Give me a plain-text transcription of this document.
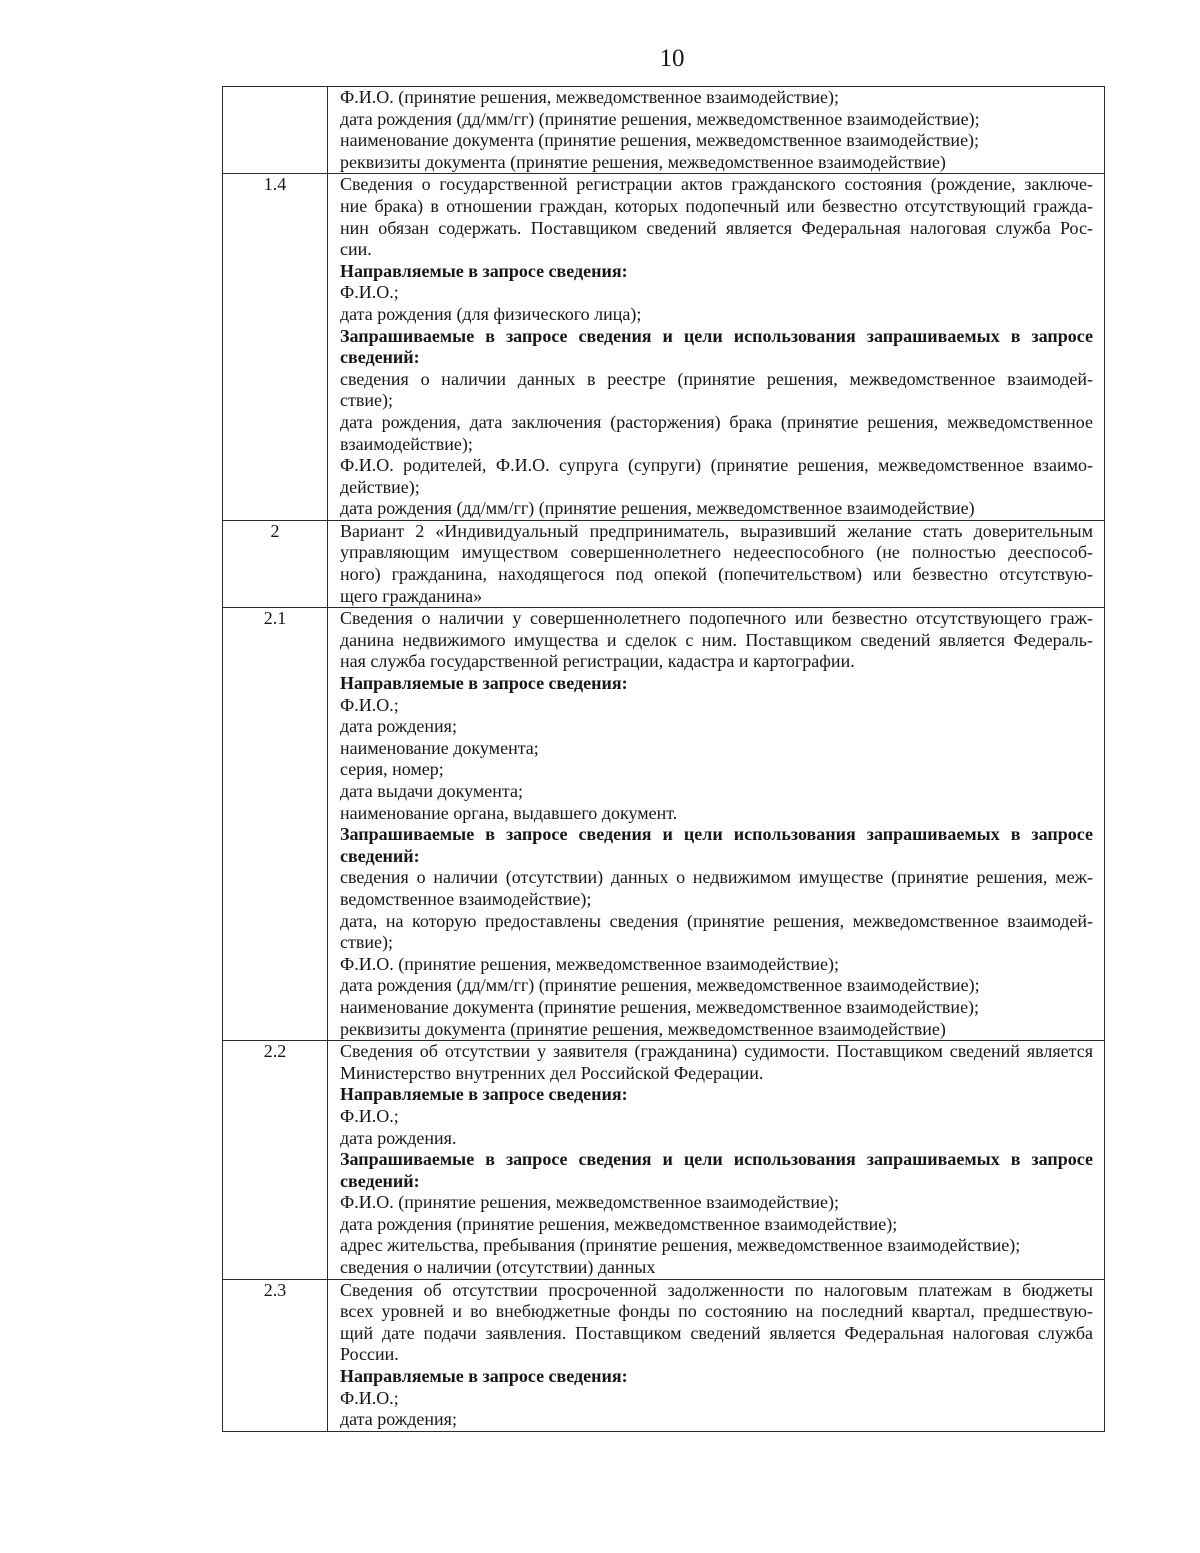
10
Ф.И.О. (принятие решения, межведомственное взаимодействие);
дата рождения (дд/мм/гг) (принятие решения, межведомственное взаимодействие);
наименование документа (принятие решения, межведомственное взаимодействие);
реквизиты документа (принятие решения, межведомственное взаимодействие)
1.4	Сведения о государственной регистрации актов гражданского состояния (рождение, заключе-
ние брака) в отношении граждан, которых подопечный или безвестно отсутствующий гражда-
нин обязан содержать. Поставщиком сведений является Федеральная налоговая служба Рос-
сии.
Направляемые в запросе сведения:
Ф.И.О.;
дата рождения (для физического лица);
Запрашиваемые в запросе сведения и цели использования запрашиваемых в запросе
сведений:
сведения о наличии данных в реестре (принятие решения, межведомственное взаимодей-
ствие);
дата рождения, дата заключения (расторжения) брака (принятие решения, межведомственное
взаимодействие);
Ф.И.О. родителей, Ф.И.О. супруга (супруги) (принятие решения, межведомственное взаимо-
действие);
дата рождения (дд/мм/гг) (принятие решения, межведомственное взаимодействие)
2	Вариант 2 «Индивидуальный предприниматель, выразивший желание стать доверительным
управляющим имуществом совершеннолетнего недееспособного (не полностью дееспособ-
ного) гражданина, находящегося под опекой (попечительством) или безвестно отсутствую-
щего гражданина»
2.1	Сведения о наличии у совершеннолетнего подопечного или безвестно отсутствующего граж-
данина недвижимого имущества и сделок с ним. Поставщиком сведений является Федераль-
ная служба государственной регистрации, кадастра и картографии.
Направляемые в запросе сведения:
Ф.И.О.;
дата рождения;
наименование документа;
серия, номер;
дата выдачи документа;
наименование органа, выдавшего документ.
Запрашиваемые в запросе сведения и цели использования запрашиваемых в запросе
сведений:
сведения о наличии (отсутствии) данных о недвижимом имуществе (принятие решения, меж-
ведомственное взаимодействие);
дата, на которую предоставлены сведения (принятие решения, межведомственное взаимодей-
ствие);
Ф.И.О. (принятие решения, межведомственное взаимодействие);
дата рождения (дд/мм/гг) (принятие решения, межведомственное взаимодействие);
наименование документа (принятие решения, межведомственное взаимодействие);
реквизиты документа (принятие решения, межведомственное взаимодействие)
2.2	Сведения об отсутствии у заявителя (гражданина) судимости. Поставщиком сведений является
Министерство внутренних дел Российской Федерации.
Направляемые в запросе сведения:
Ф.И.О.;
дата рождения.
Запрашиваемые в запросе сведения и цели использования запрашиваемых в запросе
сведений:
Ф.И.О. (принятие решения, межведомственное взаимодействие);
дата рождения (принятие решения, межведомственное взаимодействие);
адрес жительства, пребывания (принятие решения, межведомственное взаимодействие);
сведения о наличии (отсутствии) данных
2.3	Сведения об отсутствии просроченной задолженности по налоговым платежам в бюджеты
всех уровней и во внебюджетные фонды по состоянию на последний квартал, предшествую-
щий дате подачи заявления. Поставщиком сведений является Федеральная налоговая служба
России.
Направляемые в запросе сведения:
Ф.И.О.;
дата рождения;
